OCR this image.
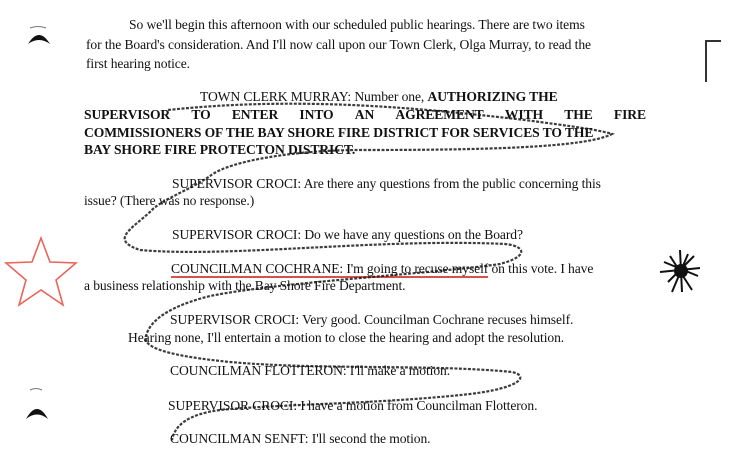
So we'll begin this afternoon with our scheduled public hearings. There are two items
for the Board's consideration. And I'll now call upon our Town Clerk, Olga Murray, to read the
first hearing notice.
TOWN CLERK MURRAY: Number one, AUTHORIZING THE
SUPERVISOR TO ENTER INTO AN AGREEMENT WITH THE FIRE
COMMISSIONERS OF THE BAY SHORE FIRE DISTRICT FOR SERVICES TO THE
BAY SHORE FIRE PROTECTON DISTRICT.
SUPERVISOR CROCI: Are there any questions from the public concerning this
issue? (There was no response.)
SUPERVISOR CROCI: Do we have any questions on the Board?
COUNCILMAN COCHRANE: I'm going to recuse myself on this vote. I have
a business relationship with the Bay Shore Fire Department.
SUPERVISOR CROCI: Very good. Councilman Cochrane recuses himself.
Hearing none, I'll entertain a motion to close the hearing and adopt the resolution.
COUNCILMAN FLOTTERON: I'll make a motion.
SUPERVISOR CROCI: I have a motion from Councilman Flotteron.
COUNCILMAN SENFT: I'll second the motion.
